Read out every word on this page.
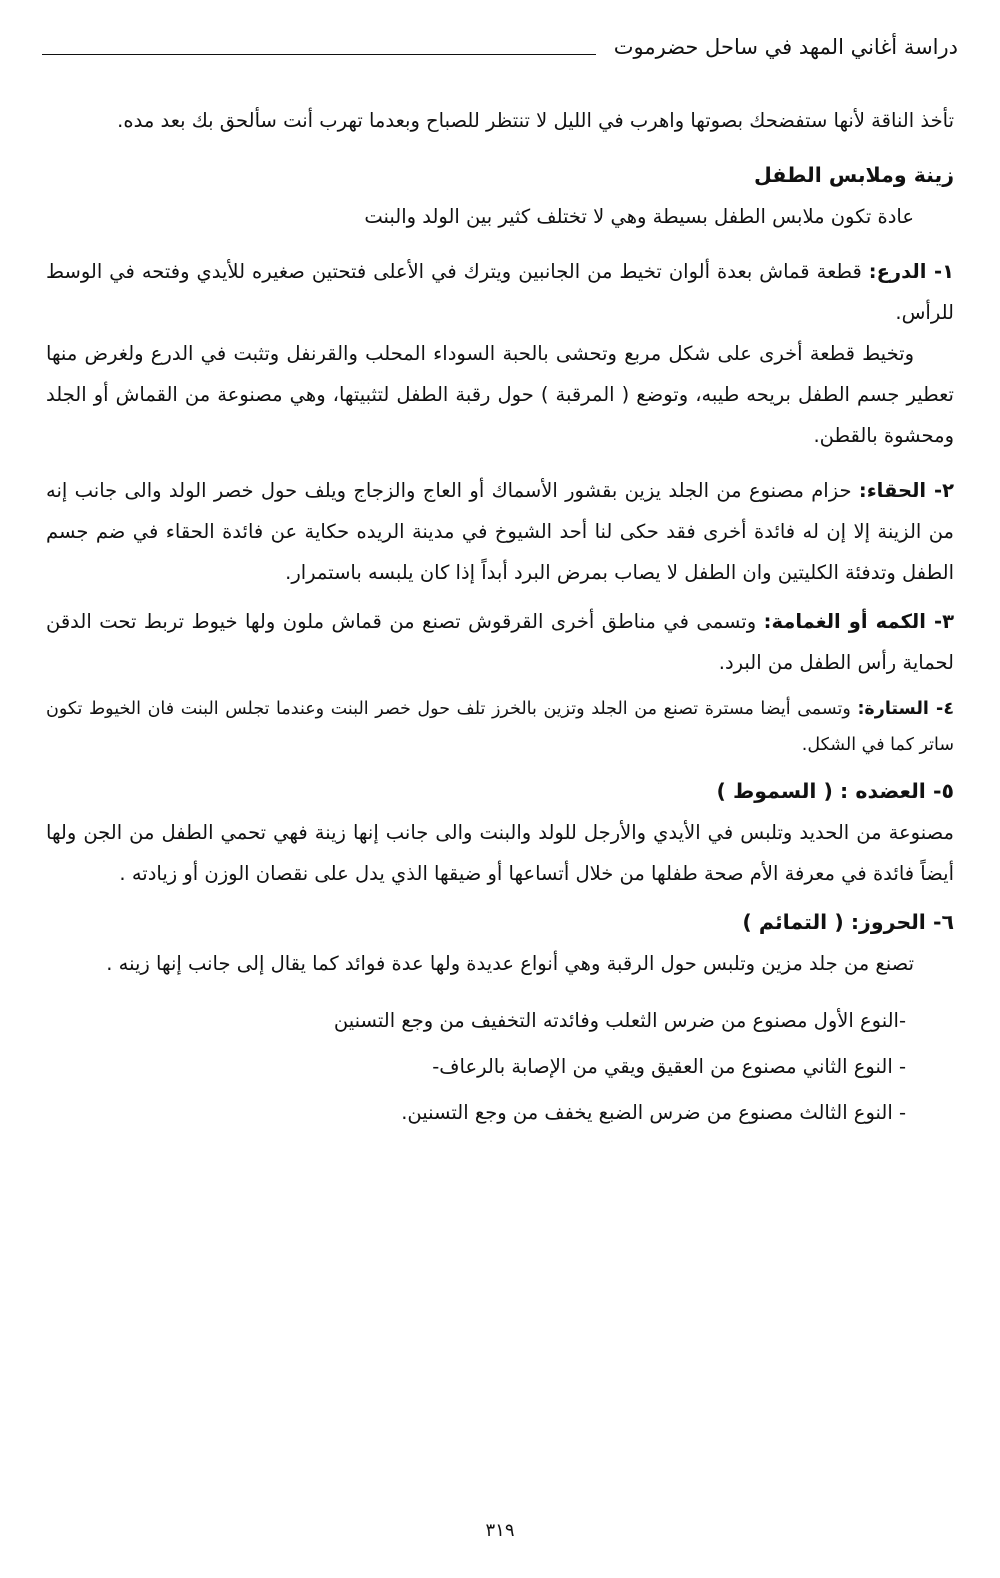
دراسة أغاني المهد في ساحل حضرموت

تأخذ الناقة لأنها ستفضحك بصوتها واهرب في الليل لا تنتظر للصباح وبعدما تهرب أنت سألحق بك بعد مده.

زينة وملابس الطفل

عادة تكون ملابس الطفل بسيطة وهي لا تختلف كثير بين الولد والبنت

١- الدرع: قطعة قماش بعدة ألوان تخيط من الجانبين ويترك في الأعلى فتحتين صغيره للأيدي وفتحه في الوسط للرأس.

وتخيط قطعة أخرى على شكل مربع وتحشى بالحبة السوداء المحلب والقرنفل وتثبت في الدرع ولغرض منها تعطير جسم الطفل بريحه طيبه، وتوضع ( المرقبة ) حول رقبة الطفل لتثبيتها، وهي مصنوعة من القماش أو الجلد ومحشوة بالقطن.

٢- الحقاء: حزام مصنوع من الجلد يزين بقشور الأسماك أو العاج والزجاج ويلف حول خصر الولد والى جانب إنه من الزينة إلا إن له فائدة أخرى فقد حكى لنا أحد الشيوخ في مدينة الريده حكاية عن فائدة الحقاء في ضم جسم الطفل وتدفئة الكليتين وان الطفل لا يصاب بمرض البرد أبداً إذا كان يلبسه باستمرار.

٣- الكمه أو الغمامة: وتسمى في مناطق أخرى القرقوش تصنع من قماش ملون ولها خيوط تربط تحت الدقن لحماية رأس الطفل من البرد.

٤- الستارة: وتسمى أيضا مسترة تصنع من الجلد وتزين بالخرز تلف حول خصر البنت وعندما تجلس البنت فان الخيوط تكون ساتر كما في الشكل.

٥- العضده : ( السموط )

مصنوعة من الحديد وتلبس في الأيدي والأرجل للولد والبنت والى جانب إنها زينة فهي تحمي الطفل من الجن ولها أيضاً فائدة في معرفة الأم صحة طفلها من خلال أتساعها أو ضيقها الذي يدل على نقصان الوزن أو زيادته .

٦- الحروز: ( التمائم )

تصنع من جلد مزين وتلبس حول الرقبة وهي أنواع عديدة ولها عدة فوائد كما يقال إلى جانب إنها زينه .

-النوع الأول مصنوع من ضرس الثعلب وفائدته التخفيف من وجع التسنين
- النوع الثاني مصنوع من العقيق ويقي من الإصابة بالرعاف-
- النوع الثالث مصنوع من ضرس الضبع يخفف من وجع التسنين.
٣١٩
